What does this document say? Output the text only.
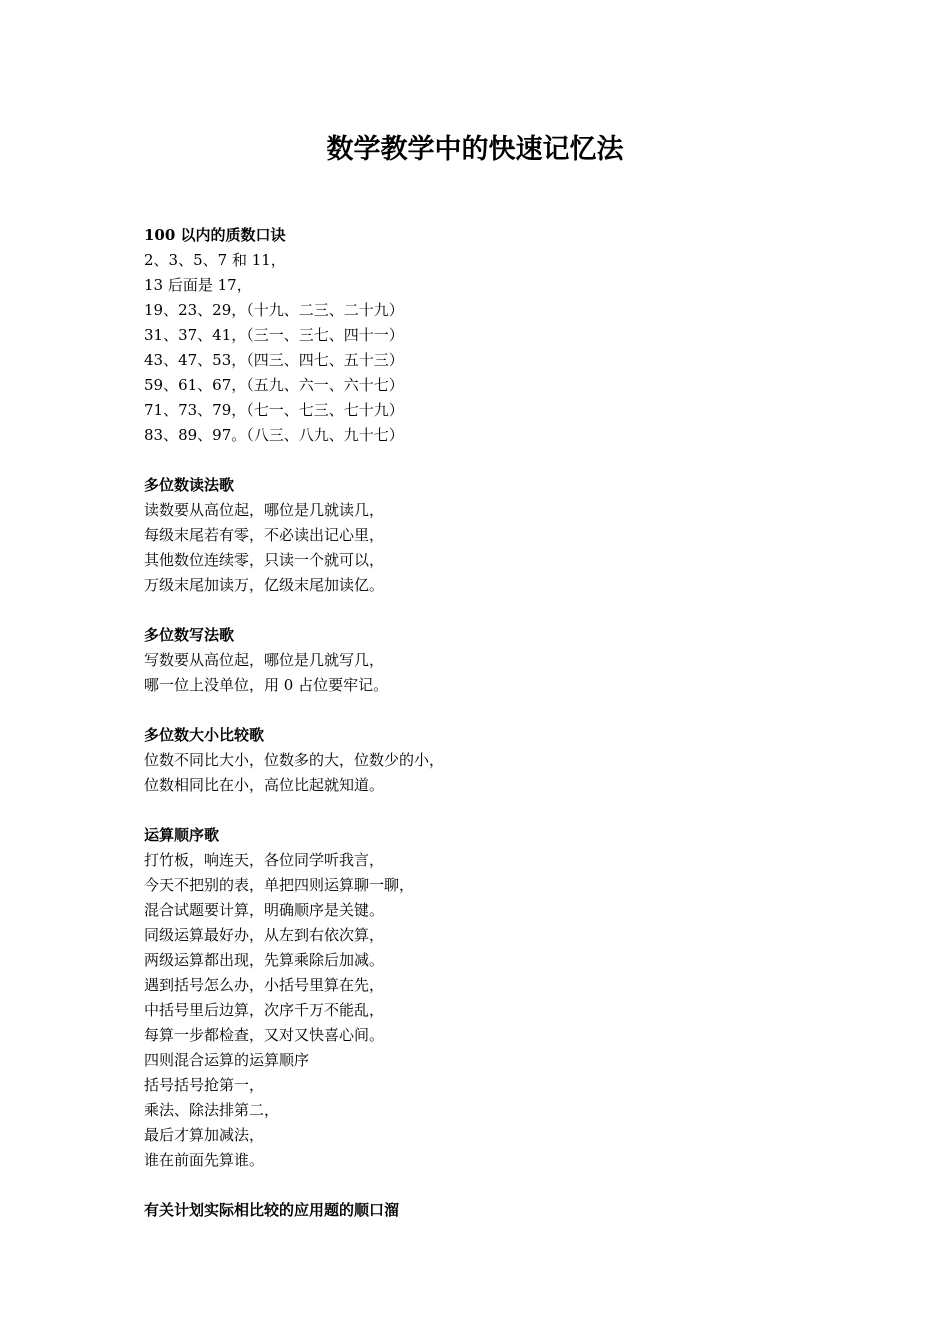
数学教学中的快速记忆法

100 以内的质数口诀

2、3、5、7 和 11，

13 后面是 17，

19、23、29，（十九、二三、二十九）

31、37、41，（三一、三七、四十一）

43、47、53，（四三、四七、五十三）

59、61、67，（五九、六一、六十七）

71、73、79，（七一、七三、七十九）

83、89、97。（八三、八九、九十七）

多位数读法歌

读数要从高位起，哪位是几就读几，

每级末尾若有零，不必读出记心里，

其他数位连续零，只读一个就可以，

万级末尾加读万，亿级末尾加读亿。

多位数写法歌

写数要从高位起，哪位是几就写几，

哪一位上没单位，用 0 占位要牢记。

多位数大小比较歌

位数不同比大小，位数多的大，位数少的小，

位数相同比在小，高位比起就知道。

运算顺序歌

打竹板，响连天，各位同学听我言，

今天不把别的表，单把四则运算聊一聊，

混合试题要计算，明确顺序是关键。

同级运算最好办，从左到右依次算，

两级运算都出现，先算乘除后加减。

遇到括号怎么办，小括号里算在先，

中括号里后边算，次序千万不能乱，

每算一步都检查，又对又快喜心间。

四则混合运算的运算顺序

括号括号抢第一，

乘法、除法排第二，

最后才算加减法，

谁在前面先算谁。

有关计划实际相比较的应用题的顺口溜
